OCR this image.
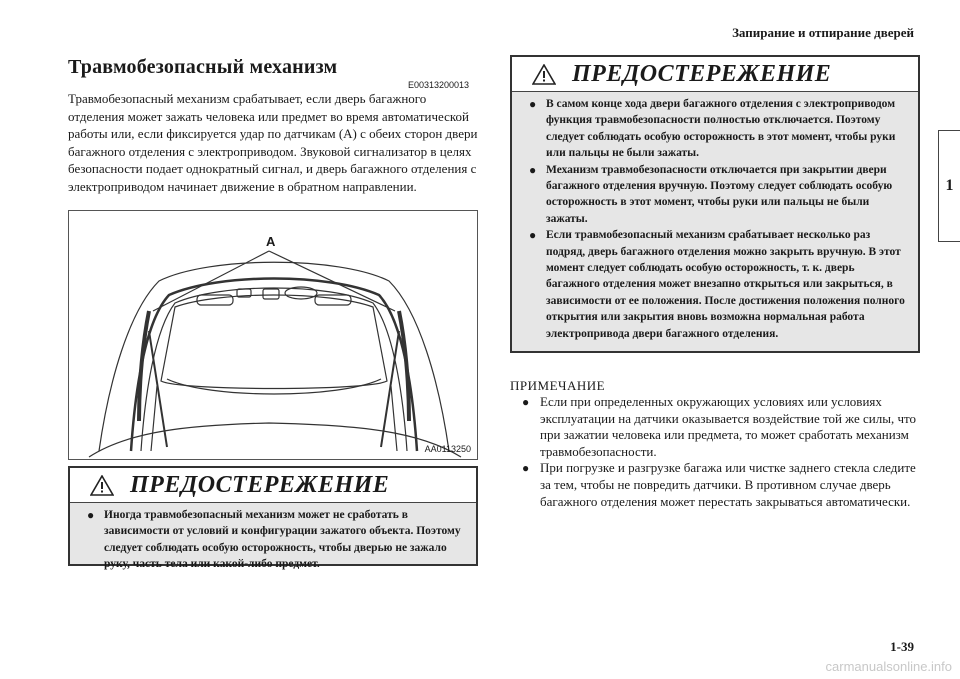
Запирание и отпирание дверей
1
Травмобезопасный механизм
E00313200013

Травмобезопасный механизм срабатывает, если дверь багажного отделения может зажать человека или предмет во время автоматической работы или, если фиксируется удар по датчикам (A) с обеих сторон двери багажного отделения с электроприводом. Звуковой сигнализатор в целях безопасности подает однократный сигнал, и дверь багажного отделения с электроприводом начинает движение в обратном направлении.

A
AA0113250
ПРЕДОСТЕРЕЖЕНИЕ
● Иногда травмобезопасный механизм может не сработать в зависимости от условий и конфигурации зажатого объекта. Поэтому следует соблюдать особую осторожность, чтобы дверью не зажало руку, часть тела или какой-либо предмет.
ПРЕДОСТЕРЕЖЕНИЕ
● В самом конце хода двери багажного отделения с электроприводом функция травмобезопасности полностью отключается. Поэтому следует соблюдать особую осторожность в этот момент, чтобы руки или пальцы не были зажаты.
● Механизм травмобезопасности отключается при закрытии двери багажного отделения вручную. Поэтому следует соблюдать особую осторожность в этот момент, чтобы руки или пальцы не были зажаты.
● Если травмобезопасный механизм срабатывает несколько раз подряд, дверь багажного отделения можно закрыть вручную. В этот момент следует соблюдать особую осторожность, т. к. дверь багажного отделения может внезапно открыться или закрыться, в зависимости от ее положения. После достижения положения полного открытия или закрытия вновь возможна нормальная работа электропривода двери багажного отделения.
ПРИМЕЧАНИЕ
● Если при определенных окружающих условиях или условиях эксплуатации на датчики оказывается воздействие той же силы, что при зажатии человека или предмета, то может сработать механизм травмобезопасности.
● При погрузке и разгрузке багажа или чистке заднего стекла следите за тем, чтобы не повредить датчики. В противном случае дверь багажного отделения может перестать закрываться автоматически.
1-39
carmanualsonline.info
